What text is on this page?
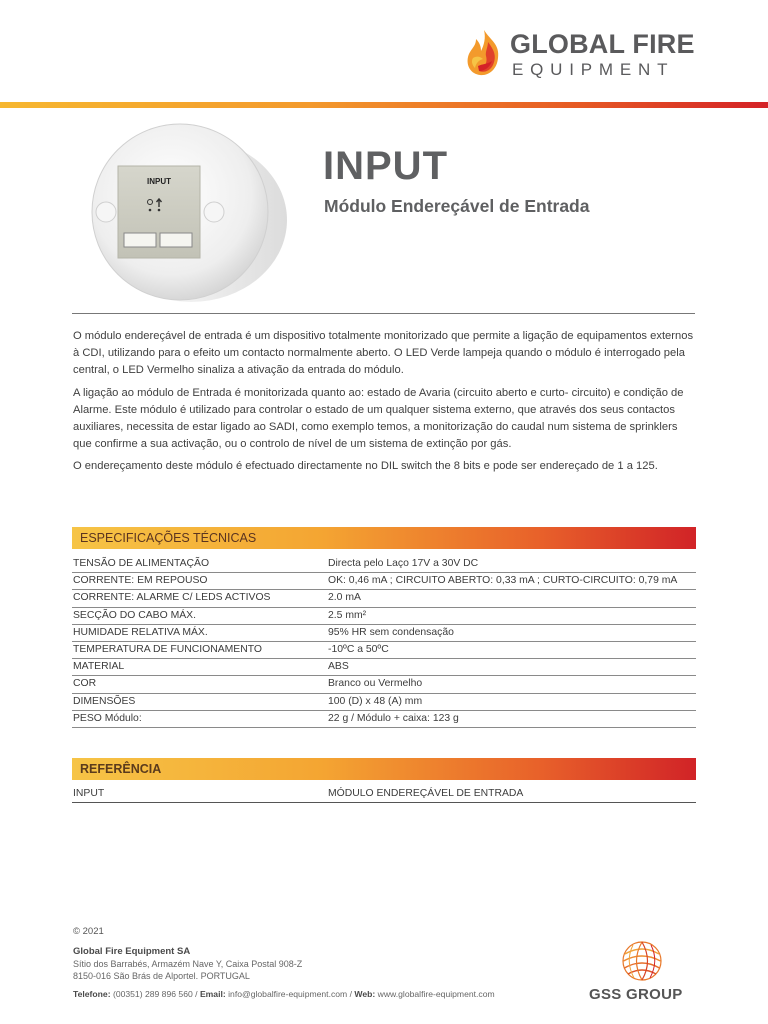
GLOBAL FIRE
EQUIPMENT
INPUT	INPUT
Módulo Endereçável de Entrada

O módulo endereçável de entrada é um dispositivo totalmente monitorizado que permite a ligação de equipamentos externos à CDI, utilizando para o efeito um contacto normalmente aberto. O LED Verde lampeja quando o módulo é interrogado pela central, o LED Vermelho sinaliza a ativação da entrada do módulo.

A ligação ao módulo de Entrada é monitorizada quanto ao: estado de Avaria (circuito aberto e curto- circuito) e condição de Alarme. Este módulo é utilizado para controlar o estado de um qualquer sistema externo, que através dos seus contactos auxiliares, necessita de estar ligado ao SADI, como exemplo temos, a monitorização do caudal num sistema de sprinklers que confirme a sua activação, ou o controlo de nível de um sistema de extinção por gás.

O endereçamento deste módulo é efectuado directamente no DIL switch the 8 bits e pode ser endereçado de 1 a 125.

ESPECIFICAÇÕES TÉCNICAS
TENSÃO DE ALIMENTAÇÃO	Directa pelo Laço 17V a 30V DC
CORRENTE: EM REPOUSO	OK: 0,46 mA ; CIRCUITO ABERTO: 0,33 mA ; CURTO-CIRCUITO: 0,79 mA
CORRENTE: ALARME C/ LEDS ACTIVOS	2.0 mA
SECÇÃO DO CABO MÁX.	2.5 mm²
HUMIDADE RELATIVA MÁX.	95% HR sem condensação
TEMPERATURA DE FUNCIONAMENTO	-10ºC a 50ºC
MATERIAL	ABS
COR	Branco ou Vermelho
DIMENSÕES	100 (D) x 48 (A) mm
PESO Módulo:	22 g / Módulo + caixa: 123 g
REFERÊNCIA
INPUT	MÓDULO ENDEREÇÁVEL DE ENTRADA
© 2021
Global Fire Equipment SA
Sítio dos Barrabés, Armazém Nave Y, Caixa Postal 908-Z
8150-016 São Brás de Alportel. PORTUGAL
Telefone: (00351) 289 896 560 / Email: info@globalfire-equipment.com / Web: www.globalfire-equipment.com	GSS GROUP
